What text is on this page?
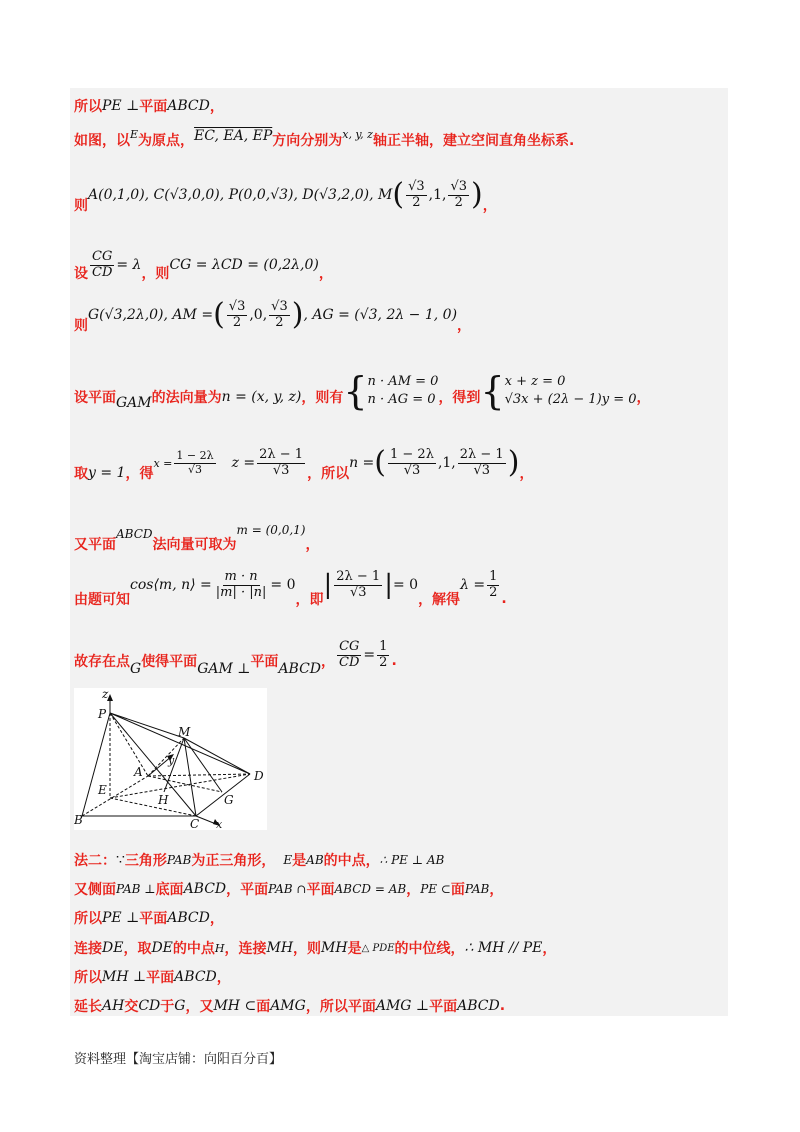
所以 PE ⊥ 平面 ABCD ，
如图，以 E 为原点， EC, EA, EP 方向分别为 x, y, z 轴正半轴，建立空间直角坐标系.
则
A(0,1,0), C(√3,0,0), P(0,0,√3), D(√3,2,0), M ( $\frac{√3}{2} ,1$, $\frac{√3}{2}$ ) ，
设 $\frac{CG}{CD} = \lambda$
，则
CG = λCD = (0,2λ,0)
，
则
G(√3,2λ,0), AM = ( $\frac{√3}{2} ,0$, $\frac{√3}{2}$ ) , AG = (√3, 2λ − 1, 0)
，
设平面 GAM 的法向量为 n = (x, y, z) ，则有 { n · AM = 0
n · AG = 0 ，得到 { x + z = 0
√3x + (2λ − 1)y = 0 ，
取 y = 1 ，得
$x = \frac{1 - 2\lambda}{√3}$ $z = \frac{2\lambda - 1}{√3}$ ，所以
n = ( $\frac{1 - 2\lambda}{√3} ,1$, $\frac{2\lambda - 1}{√3}$ ) ，
又平面
ABCD
法向量可取为
m = (0,0,1)
，
由题可知
cos⟨m, n⟩ = $\frac{m \cdot n}{|m| \cdot |n|} = 0$
，即 | $\frac{2\lambda - 1}{√3}$ | = 0
，解得
$\lambda = \frac{1}{2}$ .
故存在点 G 使得平面 GAM ⊥ 平面 ABCD ， $\frac{CG}{CD} = \frac{1}{2}$ .
z
P
M
y
A	D
E
H	G
B	C x
法二： ∵ 三角形 PAB 为正三角形， E 是 AB 的中点， ∴ PE ⊥ AB
又侧面 PAB ⊥ 底面 ABCD ，平面 PAB ∩ 平面 ABCD = AB ， PE ⊂ 面 PAB ，
所以 PE ⊥ 平面 ABCD ，
连接 DE ，取 DE 的中点 H ，连接 MH ，则 MH 是 △ PDE 的中位线， ∴ MH // PE ，
所以 MH ⊥ 平面 ABCD ，
延长 AH 交 CD 于 G ，又 MH ⊂ 面 AMG ，所以平面 AMG ⊥ 平面 ABCD .
资料整理【淘宝店铺：向阳百分百】
